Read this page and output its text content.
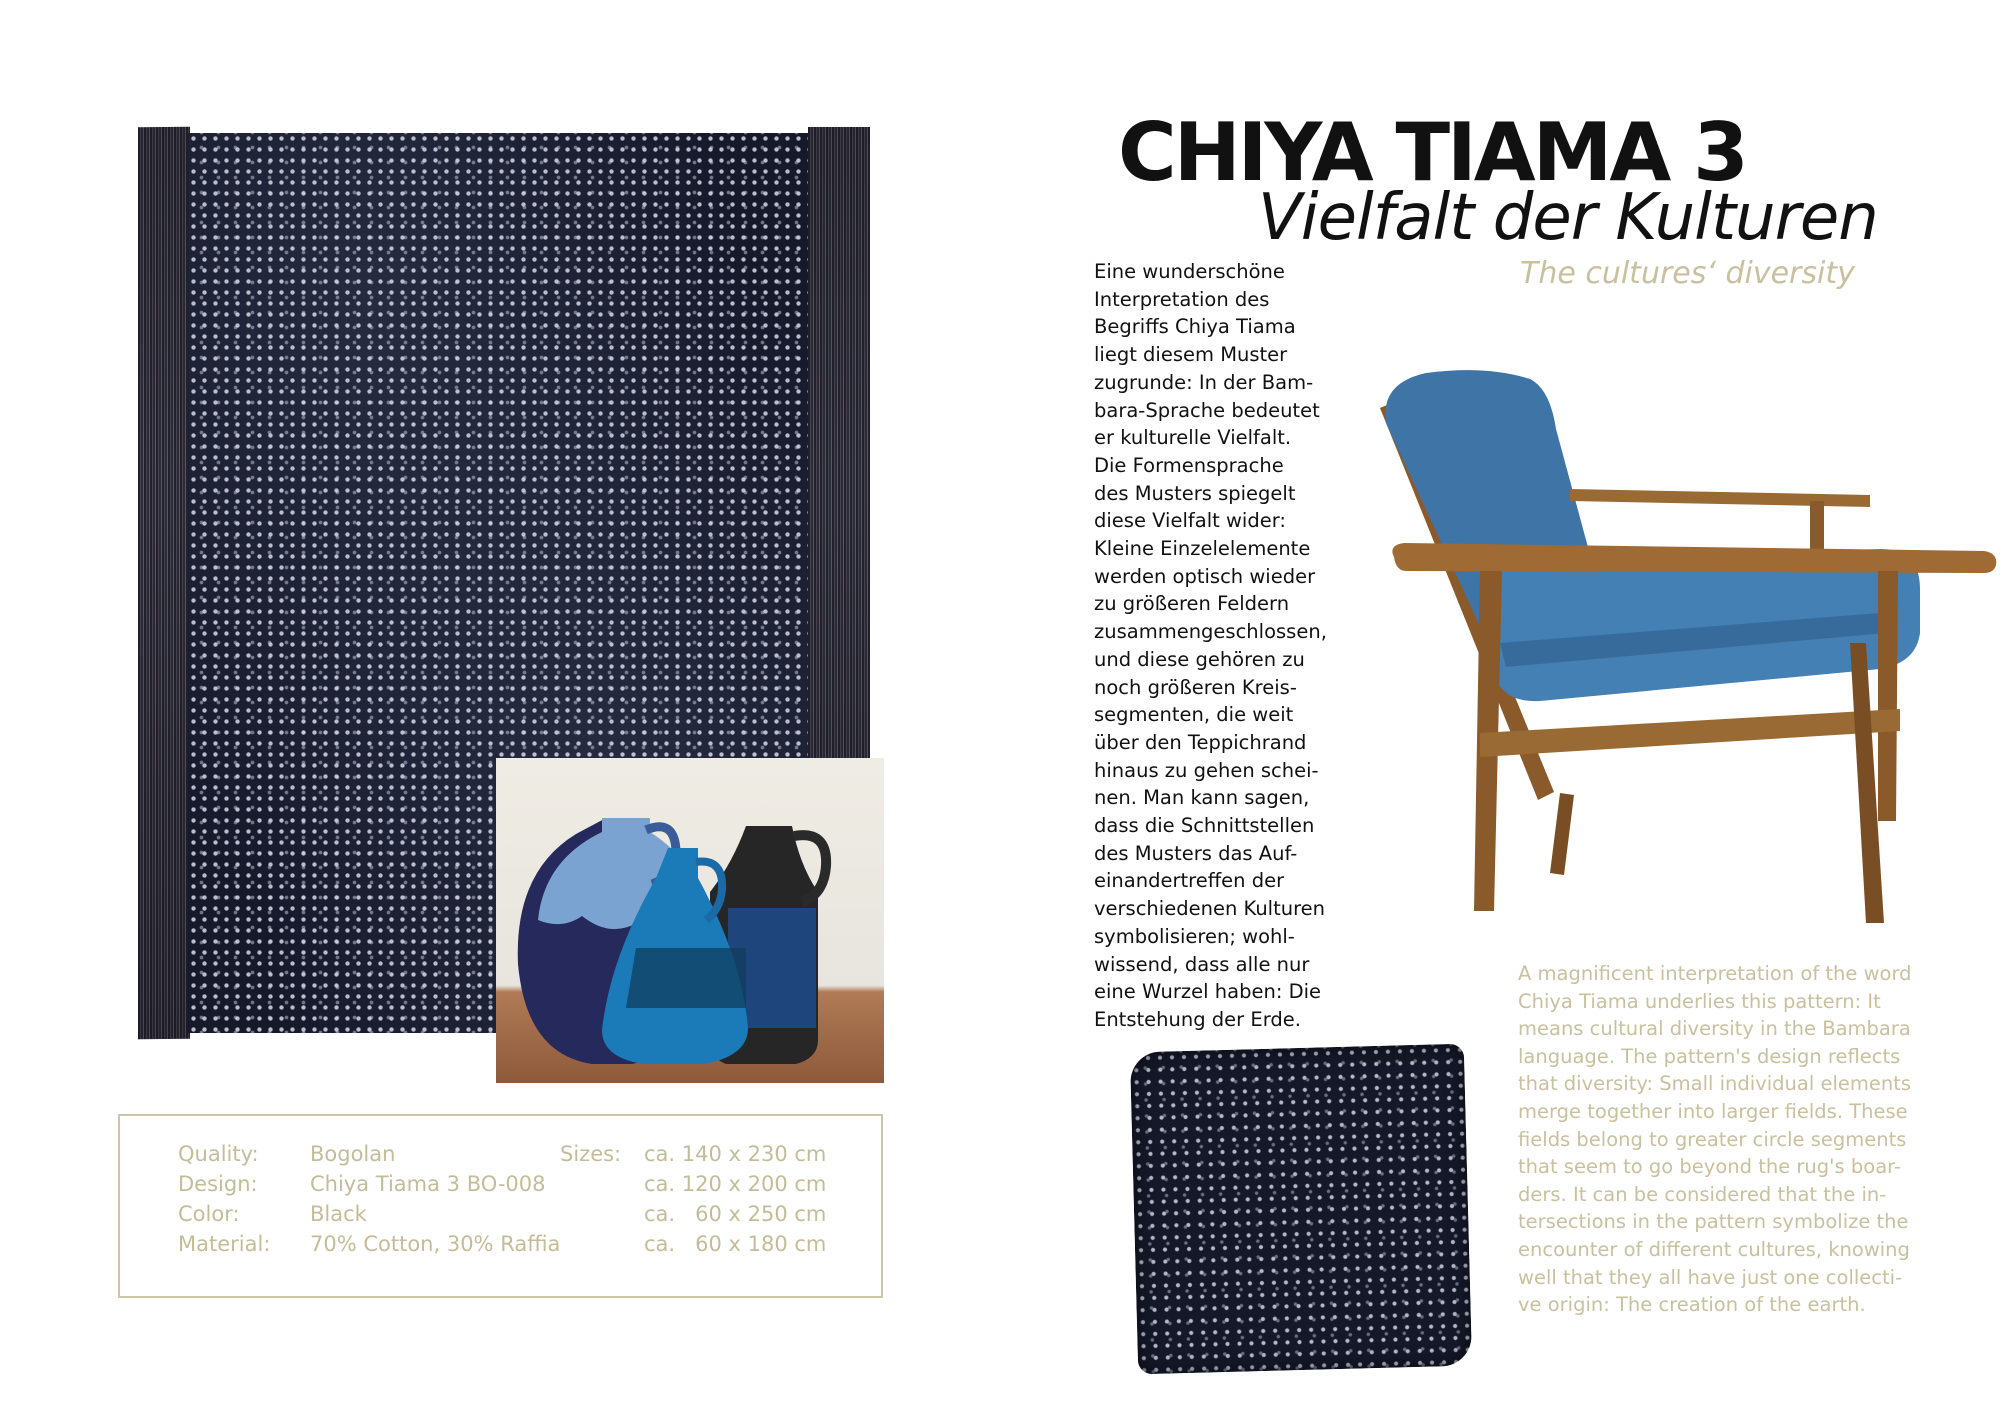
Quality:
Design:
Color:
Material:
Bogolan
Chiya Tiama 3 BO-008
Black
70% Cotton, 30% Raffia
Sizes: ca. 140 x 230 cm
ca. 120 x 200 cm
ca.   60 x 250 cm
ca.   60 x 180 cm
CHIYA TIAMA 3
Vielfalt der Kulturen
The cultures‘ diversity
Eine wunderschöne
Interpretation des
Begriffs Chiya Tiama
liegt diesem Muster
zugrunde: In der Bam-
bara-Sprache bedeutet
er kulturelle Vielfalt.
Die Formensprache
des Musters spiegelt
diese Vielfalt wider:
Kleine Einzelelemente
werden optisch wieder
zu größeren Feldern
zusammengeschlossen,
und diese gehören zu
noch größeren Kreis-
segmenten, die weit
über den Teppichrand
hinaus zu gehen schei-
nen. Man kann sagen,
dass die Schnittstellen
des Musters das Auf-
einandertreffen der
verschiedenen Kulturen
symbolisieren; wohl-
wissend, dass alle nur
eine Wurzel haben: Die
Entstehung der Erde.
A magnificent interpretation of the word
Chiya Tiama underlies this pattern: It
means cultural diversity in the Bambara
language. The pattern's design reflects
that diversity: Small individual elements
merge together into larger fields. These
fields belong to greater circle segments
that seem to go beyond the rug's boar-
ders. It can be considered that the in-
tersections in the pattern symbolize the
encounter of different cultures, knowing
well that they all have just one collecti-
ve origin: The creation of the earth.
